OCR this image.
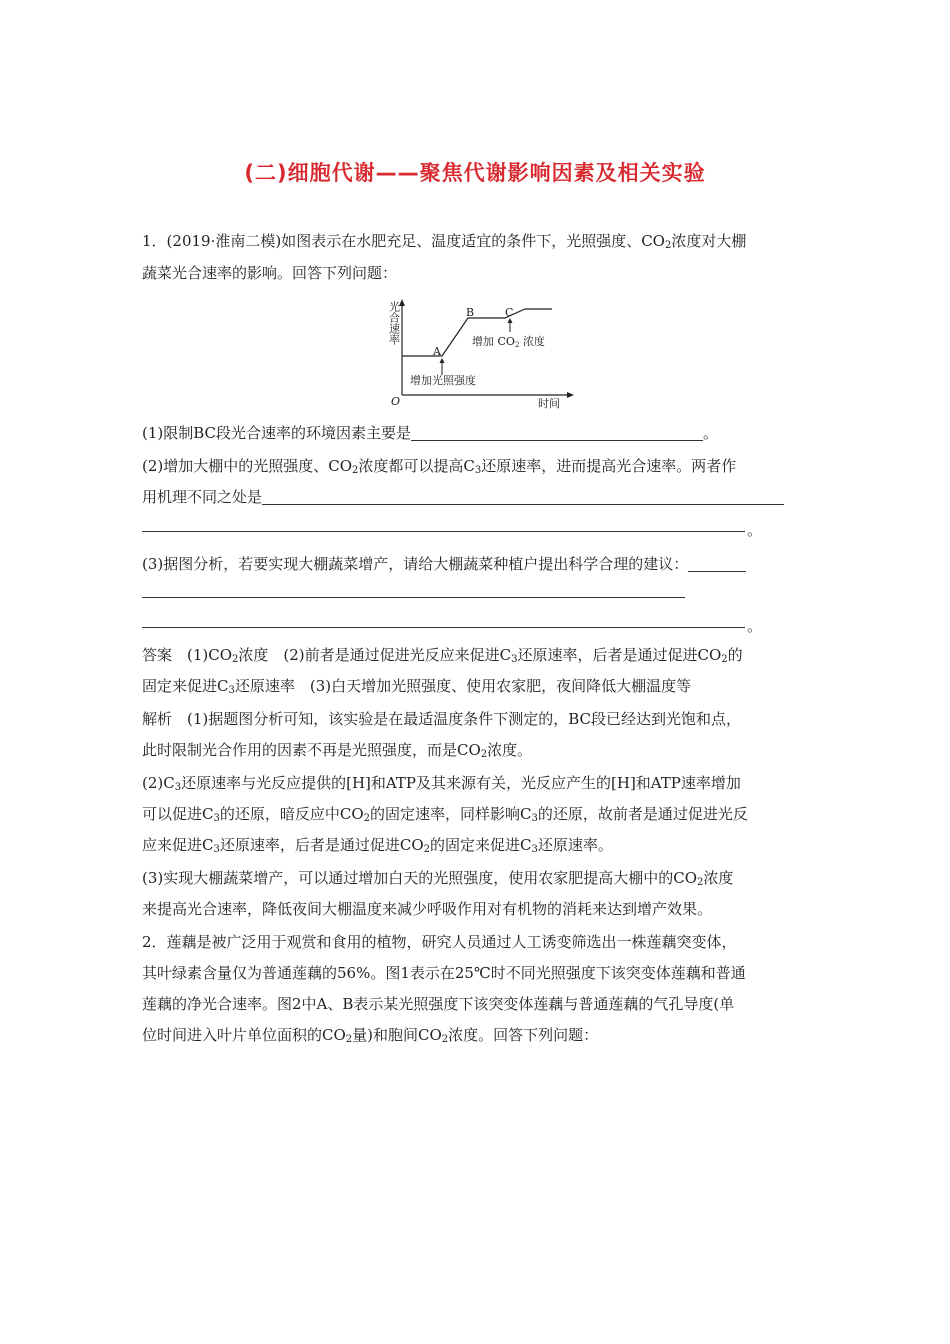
(二)细胞代谢——聚焦代谢影响因素及相关实验
1．(2019·淮南二模)如图表示在水肥充足、温度适宜的条件下，光照强度、$CO_2$浓度对大棚
蔬菜光合速率的影响。回答下列问题：
光合速率
O	时间
A
B	C
增加光照强度
增加 CO2 浓度
(1)限制BC段光合速率的环境因素主要是	。
(2)增加大棚中的光照强度、$CO_2$浓度都可以提高$C_3$还原速率，进而提高光合速率。两者作
用机理不同之处是
。
(3)据图分析，若要实现大棚蔬菜增产，请给大棚蔬菜种植户提出科学合理的建议：
。
答案　$(1)CO_2$浓度　(2)前者是通过促进光反应来促进$C_3$还原速率，后者是通过促进$CO_2$的
固定来促进$C_3$还原速率　(3)白天增加光照强度、使用农家肥，夜间降低大棚温度等
解析　(1)据题图分析可知，该实验是在最适温度条件下测定的，BC段已经达到光饱和点，
此时限制光合作用的因素不再是光照强度，而是$CO_2$浓度。
$(2)C_3$还原速率与光反应提供的[H]和ATP及其来源有关，光反应产生的[H]和ATP速率增加
可以促进$C_3$的还原，暗反应中$CO_2$的固定速率，同样影响$C_3$的还原，故前者是通过促进光反
应来促进$C_3$还原速率，后者是通过促进$CO_2$的固定来促进$C_3$还原速率。
(3)实现大棚蔬菜增产，可以通过增加白天的光照强度，使用农家肥提高大棚中的$CO_2$浓度
来提高光合速率，降低夜间大棚温度来减少呼吸作用对有机物的消耗来达到增产效果。
2．莲藕是被广泛用于观赏和食用的植物，研究人员通过人工诱变筛选出一株莲藕突变体，
其叶绿素含量仅为普通莲藕的56%。图1表示在25℃时不同光照强度下该突变体莲藕和普通
莲藕的净光合速率。图2中A、B表示某光照强度下该突变体莲藕与普通莲藕的气孔导度(单
位时间进入叶片单位面积的$CO_2$量)和胞间$CO_2$浓度。回答下列问题：
